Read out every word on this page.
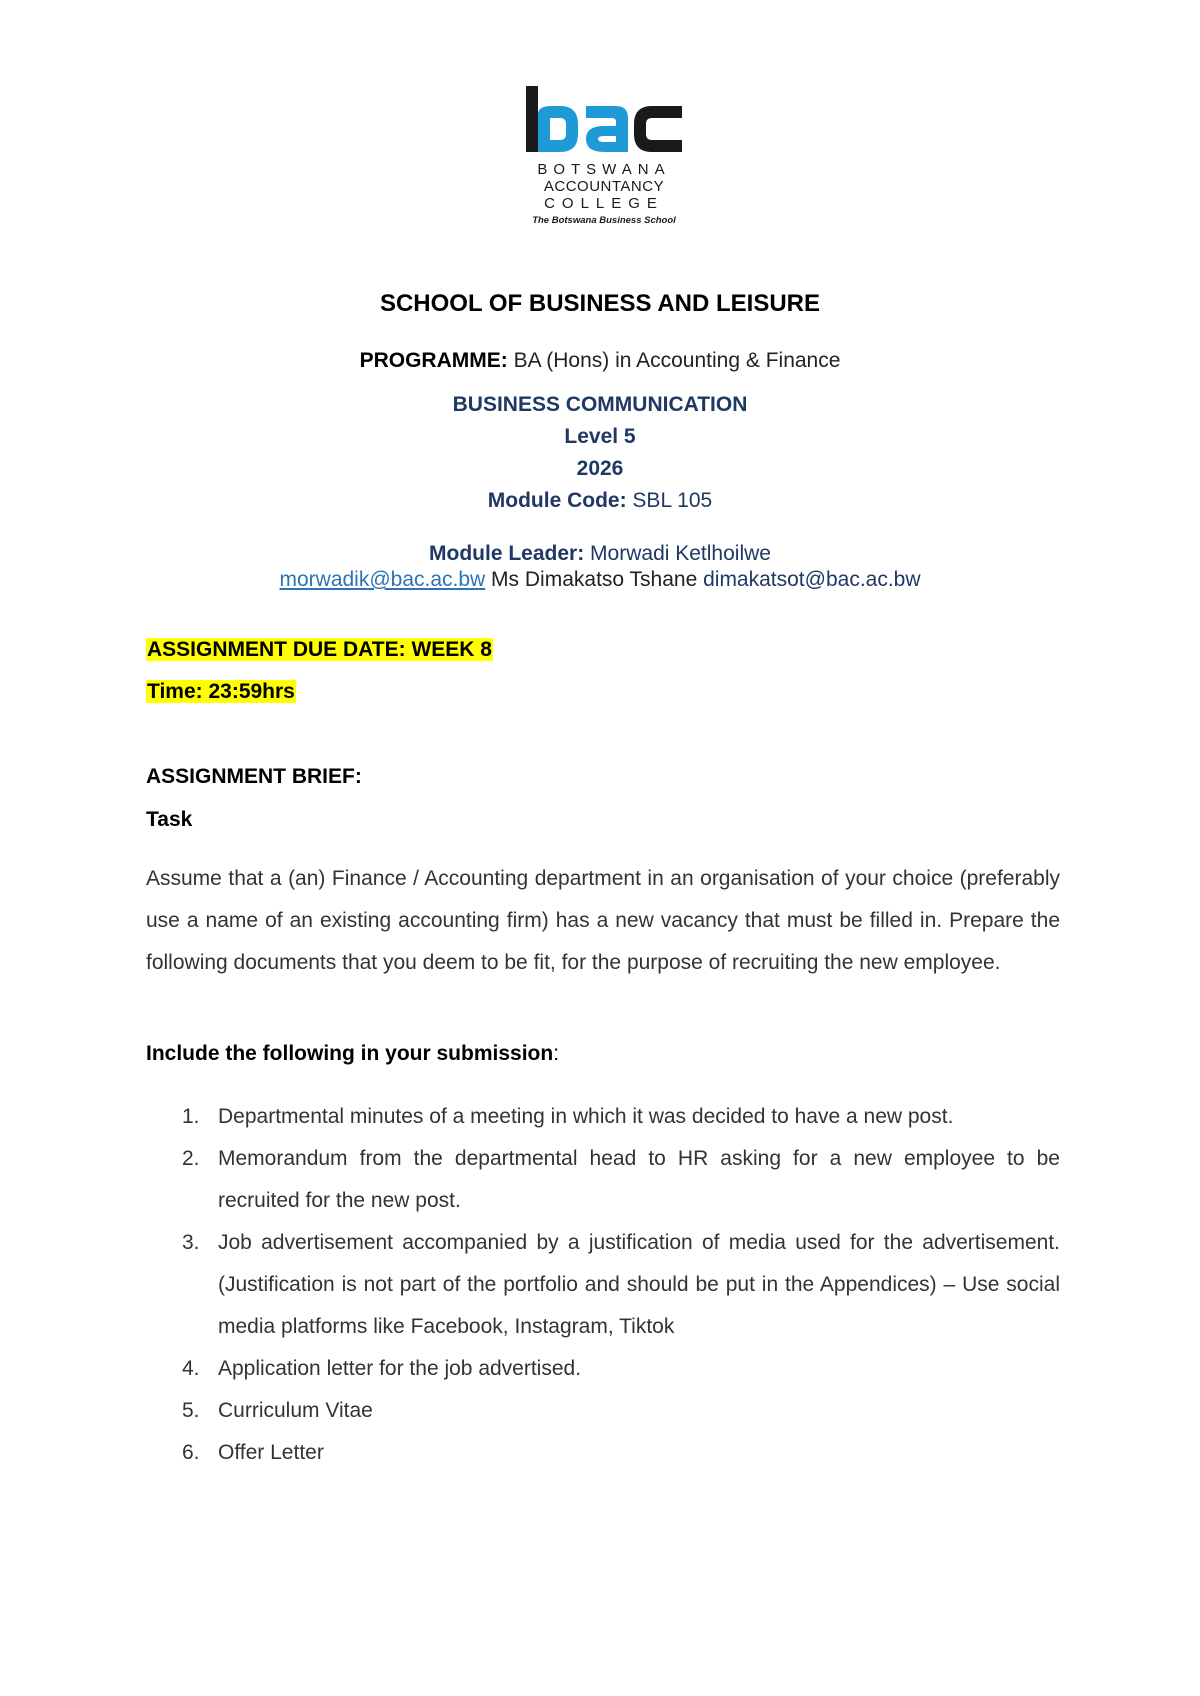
BOTSWANA
ACCOUNTANCY
COLLEGE
The Botswana Business School
SCHOOL OF BUSINESS AND LEISURE
PROGRAMME: BA (Hons) in Accounting & Finance
BUSINESS COMMUNICATION
Level 5
2026
Module Code: SBL 105
Module Leader: Morwadi Ketlhoilwe
morwadik@bac.ac.bw Ms Dimakatso Tshane dimakatsot@bac.ac.bw
ASSIGNMENT DUE DATE: WEEK 8
Time: 23:59hrs
ASSIGNMENT BRIEF:
Task
Assume that a (an) Finance / Accounting department in an organisation of your choice (preferably use a name of an existing accounting firm) has a new vacancy that must be filled in. Prepare the following documents that you deem to be fit, for the purpose of recruiting the new employee.
Include the following in your submission:
1. Departmental minutes of a meeting in which it was decided to have a new post.
2. Memorandum from the departmental head to HR asking for a new employee to be recruited for the new post.
3. Job advertisement accompanied by a justification of media used for the advertisement. (Justification is not part of the portfolio and should be put in the Appendices) – Use social media platforms like Facebook, Instagram, Tiktok
4. Application letter for the job advertised.
5. Curriculum Vitae
6. Offer Letter
